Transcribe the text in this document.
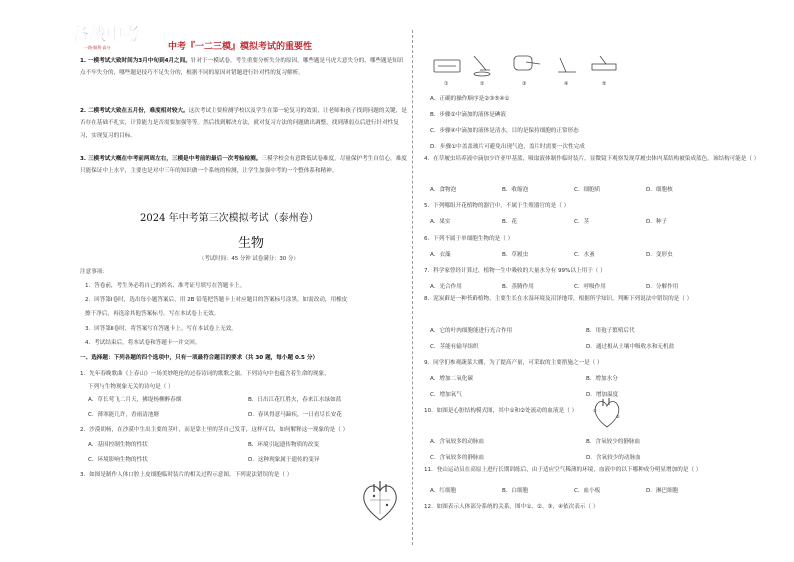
备战中考
一路·顺利·高分	中考『一二三模』模拟考试的重要性
1. 一模考试大致时间为3月中旬到4月之间。针对于一模试卷，考生重要分析失分的原因，哪些题是马虎大意失分的，哪些题是知识点不牢失分的，哪些题是技巧不足失分的，根据不同的原因对错题进行针对性的复习解析。
2. 二模考试大致在五月份，难度相对较大。这次考试主要检测学校以及学生在第一轮复习的效果，让老师和孩子找到问题的关键，是否存在基础不扎实，计算能力是否需要加强等等。然后找到解决方法，就对复习方法的问题做出调整，找到薄弱点后进行针对性复习，实现复习的目标。
3. 三模考试大概在中考前两周左右，三模是中考前的最后一次考验检测。三模学校会有意降低试卷难度，尽量保护考生自信心，难度只能保证中上水平，主要也是对中三年的知识做一个系统的检测，让学生加强中考的一个整体系和精神。
2024 年中考第三次模拟考试（泰州卷）
生物
（考试时间：45 分钟 试卷满分：30 分）
注意事项：
1．答卷前，考生务必将自己的姓名、准考证号填写在答题卡上。
2．回答第Ⅰ卷时，选出每小题答案后，用 2B 铅笔把答题卡上对应题目的答案标号涂黑。如需改动，用橡皮
擦干净后，再选涂其他答案标号。写在本试卷上无效。
3．回答第Ⅱ卷时，将答案写在答题卡上。写在本试卷上无效。
4．考试结束后，将本试卷和答题卡一并交回。
一、选择题：下列各题的四个选项中，只有一项最符合题目的要求（共 30 题，每小题 0.5 分）
1．先年春晚歌曲《上春山》一场美妙绝伦的过春诗词的歌歌之旅，下列诗句中也蕴含着生命的现象，
下列与生物现象无关的诗句是（ ）
A．草长莺飞二月天，拂堤杨柳醉春烟	B．日出江花红胜火，春来江水绿如蓝
C．薄寒能几许，香雨清池塘	D．春风得意马蹄疾，一日看尽长安花
2．沙漠胡杨，在沙漠中生出主要的茎叶，而是靠土里的茎自己发芽，这样可以，如何解释这一现象的是（ ）
A．基因控制生物的性状	B．环境引起遗传物质的改变
C．环境影响生物的性状	D．这种现象属于遗传的变异
3．如图是制作人体口腔上皮细胞临时装片的相关过程示意图，下列说法错误的是（ ）
①	②	③	④	⑤
A．正确的操作顺序是②③⑤④①
B．步骤②中滴加的液体是碘液
C．步骤④中滴加的液体是清水，目的是保持细胞的正常形态
D．步骤①中盖盖玻片可避免出现气泡，盖片时需要一次性完成
4．在草履虫培养液中滴加少许亚甲基蓝，吸取液体制作临时装片，显微镜下观察发现草履虫体内某结构被染成蓝色，该结构可能是（ ）
A．食物泡	B．收缩泡	C．细胞质	D．细胞核
5．下列哪组开花植物的器官中，不属于生殖器官的是（ ）
A．果实	B．花	C．茎	D．种子
6．下列不属于单细胞生物的是（ ）
A．衣藻	B．草履虫	C．水蚤	D．变形虫
7．科学家曾经计算过，植物一生中吸收的大量水分有 99%以上用于（ ）
A．光合作用	B．蒸腾作用	C．呼吸作用	D．分解作用
8．泥炭藓是一种苔藓植物，主要生长在水湿环境及沼泽地带，根据所学知识，判断下列说法中错误的是（ ）
A．它的叶肉细胞能进行光合作用	B．用孢子繁殖后代
C．茎能有输导组织	D．通过根从土壤中吸收水和无机盐
9．同学们参观蔬菜大棚，为了提高产量，可采取的主要措施之一是（ ）
A．增加二氧化碳	B．增加水分
C．增加氧气	D．增加温度
10．如图是心脏结构模式图，其中①和②处流动的血液是（ ）	①
②
A．含氧较多的动脉血	B．含氧较少的静脉血
C．含氧较多的静脉血	D．含氧较少的动脉血
11．登山运动员在高原上进行长期训练后，由于适应空气稀薄的环境，血液中的以下哪种成分明显增加的是（ ）
A．红细胞	B．白细胞	C．血小板	D．淋巴细胞
12．如图表示人体部分系统的关系，图中①、②、③、④依次表示（ ）
